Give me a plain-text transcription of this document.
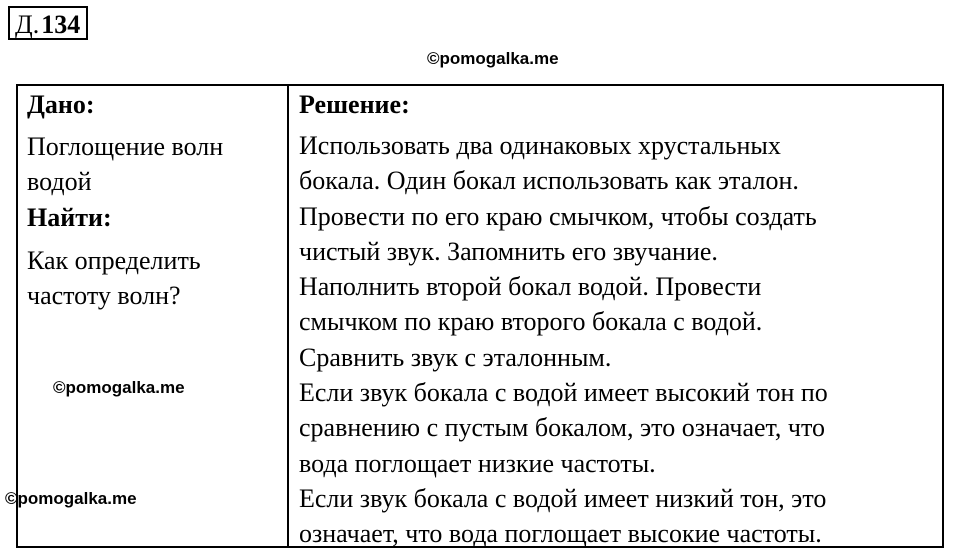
Д.134
©pomogalka.me
Дано:
Поглощение волн
водой
Найти:
Как определить
частоту волн?
Решение:
Использовать два одинаковых хрустальных
бокала. Один бокал использовать как эталон.
Провести по его краю смычком, чтобы создать
чистый звук. Запомнить его звучание.
Наполнить второй бокал водой. Провести
смычком по краю второго бокала с водой.
Сравнить звук с эталонным.
Если звук бокала с водой имеет высокий тон по
сравнению с пустым бокалом, это означает, что
вода поглощает низкие частоты.
Если звук бокала с водой имеет низкий тон, это
означает, что вода поглощает высокие частоты.
©pomogalka.me
©pomogalka.me
